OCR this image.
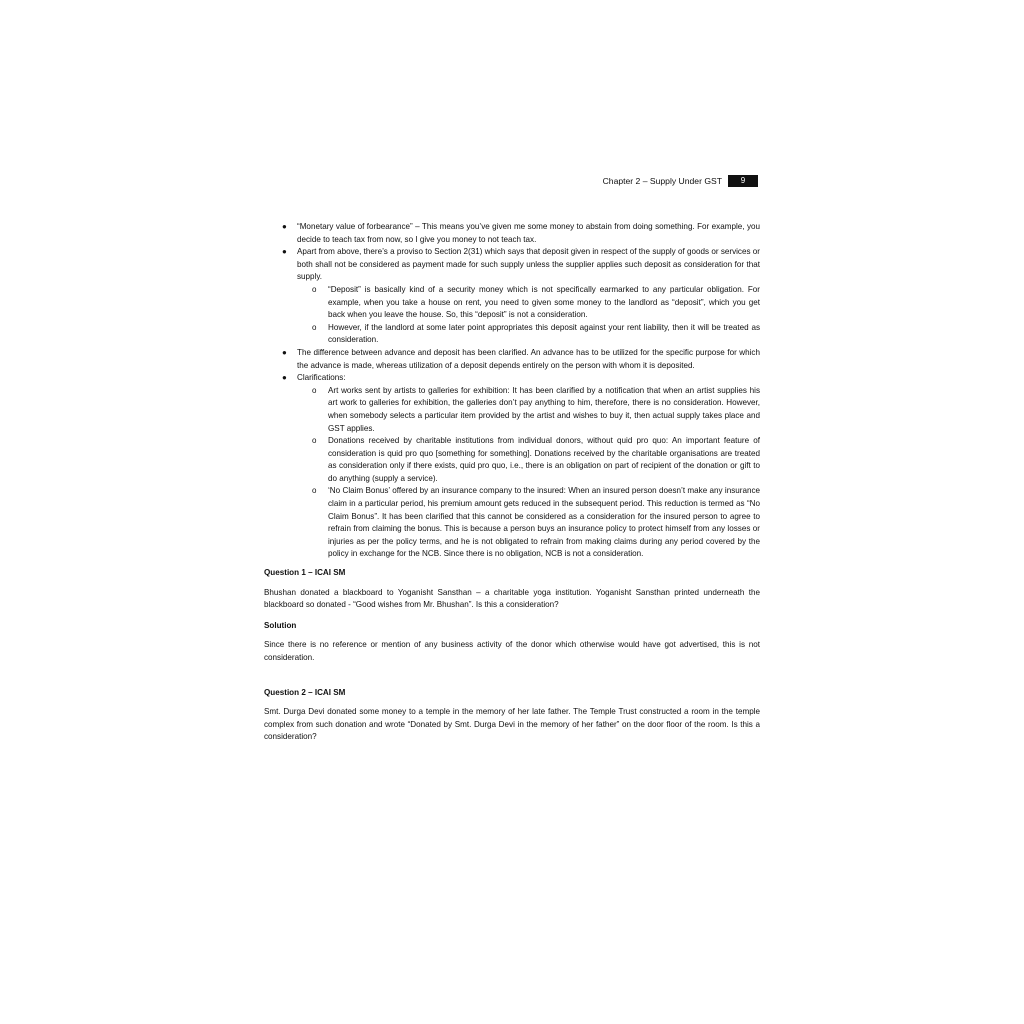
Chapter 2 – Supply Under GST	9
● “Monetary value of forbearance” – This means you’ve given me some money to abstain from doing something. For example, you decide to teach tax from now, so I give you money to not teach tax.
● Apart from above, there’s a proviso to Section 2(31) which says that deposit given in respect of the supply of goods or services or both shall not be considered as payment made for such supply unless the supplier applies such deposit as consideration for that supply.
o “Deposit” is basically kind of a security money which is not specifically earmarked to any particular obligation. For example, when you take a house on rent, you need to given some money to the landlord as “deposit”, which you get back when you leave the house. So, this “deposit” is not a consideration.
o However, if the landlord at some later point appropriates this deposit against your rent liability, then it will be treated as consideration.
● The difference between advance and deposit has been clarified. An advance has to be utilized for the specific purpose for which the advance is made, whereas utilization of a deposit depends entirely on the person with whom it is deposited.
● Clarifications:
o Art works sent by artists to galleries for exhibition: It has been clarified by a notification that when an artist supplies his art work to galleries for exhibition, the galleries don’t pay anything to him, therefore, there is no consideration. However, when somebody selects a particular item provided by the artist and wishes to buy it, then actual supply takes place and GST applies.
o Donations received by charitable institutions from individual donors, without quid pro quo: An important feature of consideration is quid pro quo [something for something]. Donations received by the charitable organisations are treated as consideration only if there exists, quid pro quo, i.e., there is an obligation on part of recipient of the donation or gift to do anything (supply a service).
o ‘No Claim Bonus’ offered by an insurance company to the insured: When an insured person doesn’t make any insurance claim in a particular period, his premium amount gets reduced in the subsequent period. This reduction is termed as “No Claim Bonus”. It has been clarified that this cannot be considered as a consideration for the insured person to agree to refrain from claiming the bonus. This is because a person buys an insurance policy to protect himself from any losses or injuries as per the policy terms, and he is not obligated to refrain from making claims during any period covered by the policy in exchange for the NCB. Since there is no obligation, NCB is not a consideration.
Question 1 – ICAI SM
Bhushan donated a blackboard to Yoganisht Sansthan – a charitable yoga institution. Yoganisht Sansthan printed underneath the blackboard so donated - “Good wishes from Mr. Bhushan”. Is this a consideration?
Solution
Since there is no reference or mention of any business activity of the donor which otherwise would have got advertised, this is not consideration.
Question 2 – ICAI SM
Smt. Durga Devi donated some money to a temple in the memory of her late father. The Temple Trust constructed a room in the temple complex from such donation and wrote “Donated by Smt. Durga Devi in the memory of her father” on the door floor of the room. Is this a consideration?
